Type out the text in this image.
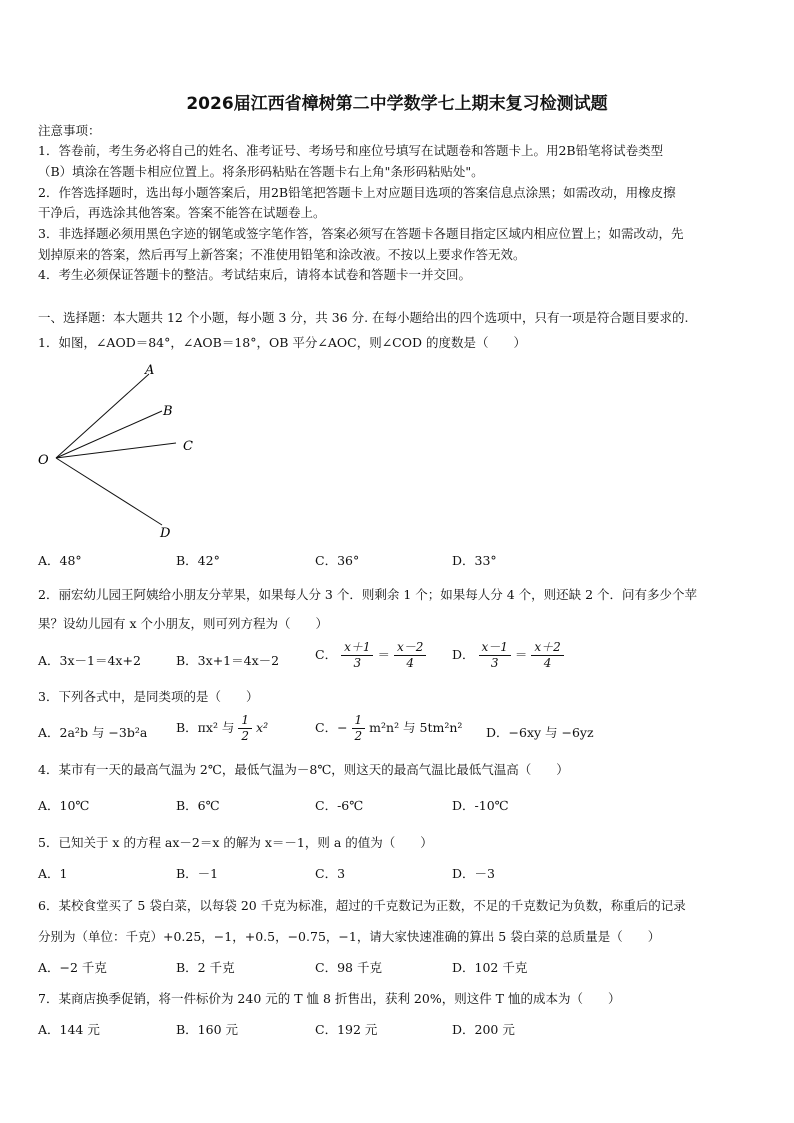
2026届江西省樟树第二中学数学七上期末复习检测试题
注意事项：
1．答卷前，考生务必将自己的姓名、准考证号、考场号和座位号填写在试题卷和答题卡上。用2B铅笔将试卷类型
（B）填涂在答题卡相应位置上。将条形码粘贴在答题卡右上角"条形码粘贴处"。
2．作答选择题时，选出每小题答案后，用2B铅笔把答题卡上对应题目选项的答案信息点涂黑；如需改动，用橡皮擦
干净后，再选涂其他答案。答案不能答在试题卷上。
3．非选择题必须用黑色字迹的钢笔或签字笔作答，答案必须写在答题卡各题目指定区域内相应位置上；如需改动，先
划掉原来的答案，然后再写上新答案；不准使用铅笔和涂改液。不按以上要求作答无效。
4．考生必须保证答题卡的整洁。考试结束后，请将本试卷和答题卡一并交回。
一、选择题：本大题共 12 个小题，每小题 3 分，共 36 分. 在每小题给出的四个选项中，只有一项是符合题目要求的.
1．如图，∠AOD＝84°，∠AOB＝18°，OB 平分∠AOC，则∠COD 的度数是（　　）
A
B
C
O
D
A．48°	B．42°	C．36°	D．33°
2．丽宏幼儿园王阿姨给小朋友分苹果，如果每人分 3 个．则剩余 1 个；如果每人分 4 个，则还缺 2 个．问有多少个苹
果？设幼儿园有 x 个小朋友，则可列方程为（　　）
A．3x－1＝4x+2	B．3x+1＝4x－2	C． $\frac{x+1}{3} = \frac{x-2}{4}$ D． $\frac{x-1}{3} = \frac{x+2}{4}$
3．下列各式中，是同类项的是（　　）
A．2a²b 与 −3b²a B．πx² 与 $\frac{1}{2} x^2$	C．− $\frac{1}{2} m^2n^2$ 与 5tm²n² D．−6xy 与 −6yz
4．某市有一天的最高气温为 2℃，最低气温为－8℃，则这天的最高气温比最低气温高（　　）
A．10℃	B．6℃	C．-6℃	D．-10℃
5．已知关于 x 的方程 ax－2＝x 的解为 x＝－1，则 a 的值为（　　）
A．1	B．－1	C．3	D．－3
6．某校食堂买了 5 袋白菜，以每袋 20 千克为标准，超过的千克数记为正数，不足的千克数记为负数，称重后的记录
分别为（单位：千克）+0.25，−1，+0.5，−0.75，−1，请大家快速准确的算出 5 袋白菜的总质量是（　　）
A．−2 千克	B．2 千克	C．98 千克	D．102 千克
7．某商店换季促销，将一件标价为 240 元的 T 恤 8 折售出，获利 20%，则这件 T 恤的成本为（　　）
A．144 元	B．160 元	C．192 元	D．200 元
